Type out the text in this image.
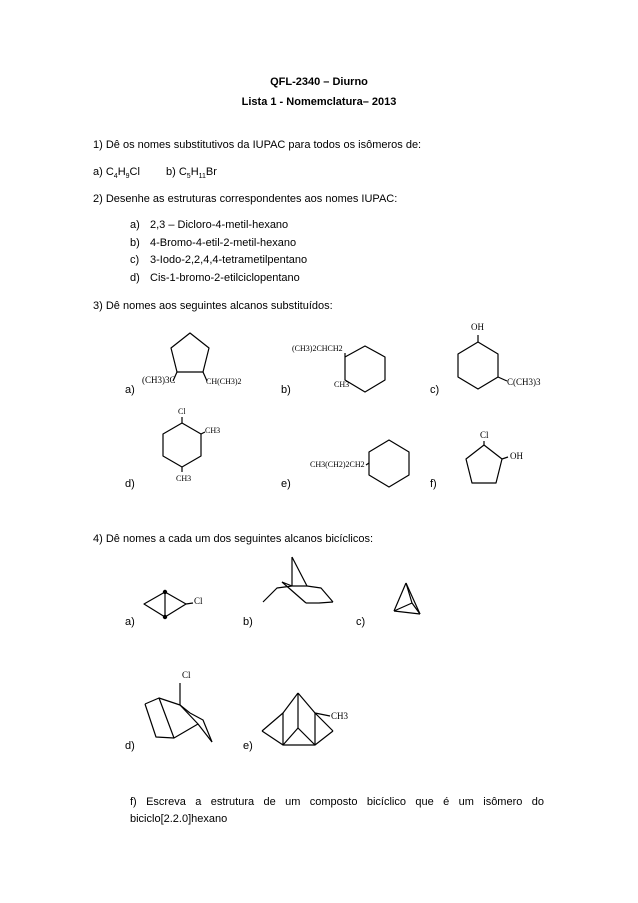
QFL-2340 – Diurno
Lista 1 - Nomemclatura– 2013
1) Dê os nomes substitutivos da IUPAC para todos os isômeros de:
a) $C_4H_9Cl$ b) $C_5H_{11}Br$
2) Desenhe as estruturas correspondentes aos nomes IUPAC:
a) 2,3 – Dicloro-4-metil-hexano
b) 4-Bromo-4-etil-2-metil-hexano
c) 3-Iodo-2,2,4,4-tetrametilpentano
d) Cis-1-bromo-2-etilciclopentano
3) Dê nomes aos seguintes alcanos substituídos:
4) Dê nomes a cada um dos seguintes alcanos bicíclicos:
a)
(CH3)3C	CH(CH3)2
b)
(CH3)2CHCH2
CH3	c)
OH
C(CH3)3
d)
Cl
CH3
CH3	e)
CH3(CH2)2CH2
f)
Cl
OH
a)
Cl
b)	c)
d)
Cl
e)
CH3
f) Escreva a estrutura de um composto bicíclico que é um isômero do
biciclo[2.2.0]hexano
